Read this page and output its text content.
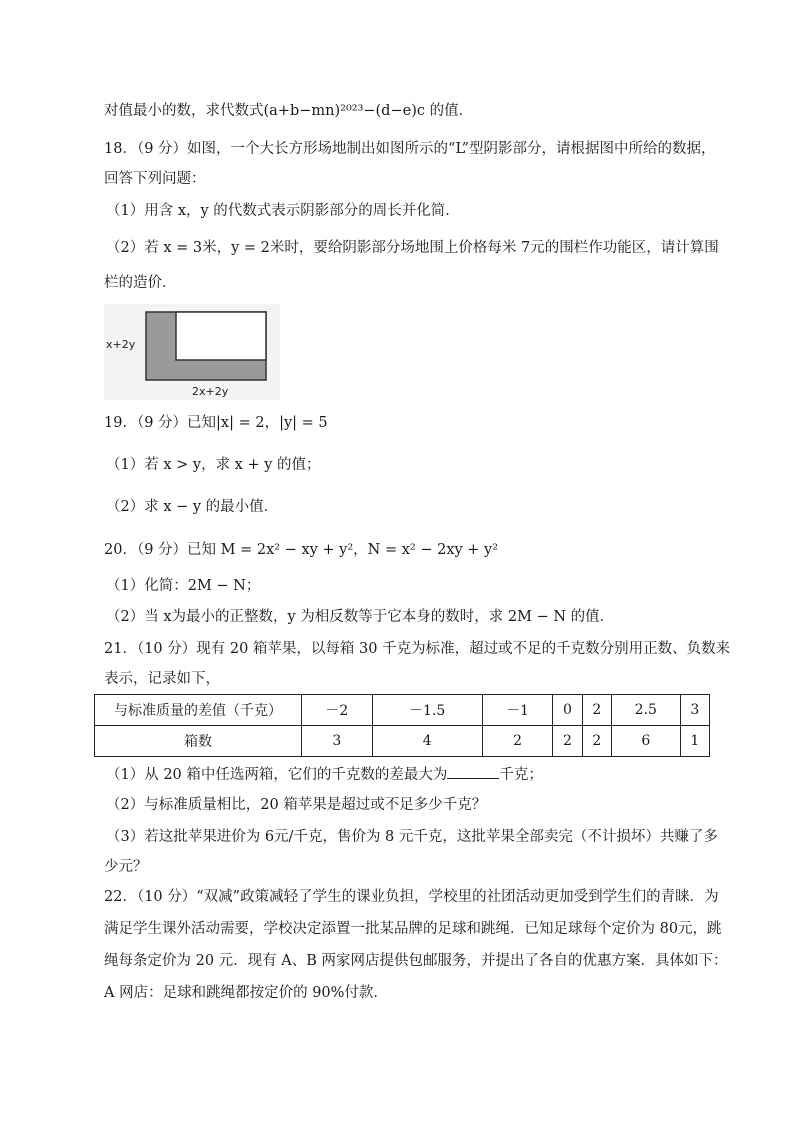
对值最小的数，求代数式(a+b−mn)²⁰²³−(d−e)c 的值．
18．（9 分）如图，一个大长方形场地制出如图所示的“L”型阴影部分，请根据图中所给的数据，
回答下列问题：
（1）用含 x，y 的代数式表示阴影部分的周长并化简．
（2）若 x = 3米，y = 2米时，要给阴影部分场地围上价格每米 7元的围栏作功能区，请计算围
栏的造价．
x+2y
2x+2y
19．（9 分）已知|x| = 2，|y| = 5
（1）若 x > y，求 x + y 的值；
（2）求 x − y 的最小值．
20．（9 分）已知 M = 2x² − xy + y²，N = x² − 2xy + y²
（1）化简：2M − N；
（2）当 x为最小的正整数，y 为相反数等于它本身的数时，求 2M − N 的值．
21．（10 分）现有 20 箱苹果，以每箱 30 千克为标准，超过或不足的千克数分别用正数、负数来
表示，记录如下，
与标准质量的差值（千克）	－2	－1.5	－1	0	2	2.5	3
箱数	3	4	2	2	2	6	1
（1）从 20 箱中任选两箱，它们的千克数的差最大为	千克；
（2）与标准质量相比，20 箱苹果是超过或不足多少千克？
（3）若这批苹果进价为 6元/千克，售价为 8 元千克，这批苹果全部卖完（不计损坏）共赚了多
少元？
22．（10 分）“双减”政策减轻了学生的课业负担，学校里的社团活动更加受到学生们的青睐．为
满足学生课外活动需要，学校决定添置一批某品牌的足球和跳绳．已知足球每个定价为 80元，跳
绳每条定价为 20 元．现有 A、B 两家网店提供包邮服务，并提出了各自的优惠方案．具体如下：
A 网店：足球和跳绳都按定价的 90%付款．
